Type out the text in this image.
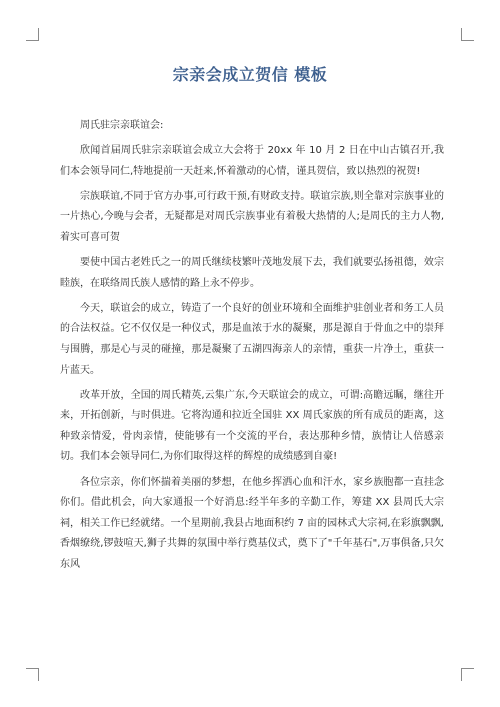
宗亲会成立贺信 模板

周氏驻宗亲联谊会:

欣闻首届周氏驻宗亲联谊会成立大会将于 20xx 年 10 月 2 日在中山古镇召开,我们本会领导同仁,特地提前一天赶来,怀着激动的心情，谨具贺信，致以热烈的祝贺!

宗族联谊,不同于官方办事,可行政干预,有财政支持。联谊宗族,则全靠对宗族事业的一片热心,今晚与会者，无疑都是对周氏宗族事业有着极大热情的人;是周氏的主力人物,着实可喜可贺

要使中国古老姓氏之一的周氏继续枝繁叶茂地发展下去，我们就要弘扬祖德，效宗睦族，在联络周氏族人感情的路上永不停步。

今天，联谊会的成立，铸造了一个良好的创业环境和全面维护驻创业者和务工人员的合法权益。它不仅仅是一种仪式，那是血浓于水的凝聚，那是源自于骨血之中的崇拜与围腾，那是心与灵的碰撞，那是凝聚了五湖四海亲人的亲情，重获一片净土，重获一片蓝天。

改革开放，全国的周氏精英,云集广东,今天联谊会的成立，可谓:高瞻远瞩，继往开来，开拓创新，与时俱进。它将沟通和拉近全国驻 XX 周氏家族的所有成员的距离，这种致亲情爱，骨肉亲情，使能够有一个交流的平台，表达那种乡情，族情让人倍感亲切。我们本会领导同仁,为你们取得这样的辉煌的成绩感到自豪!

各位宗亲，你们怀揣着美丽的梦想，在他乡挥洒心血和汗水，家乡族胞都一直挂念你们。借此机会，向大家通报一个好消息:经半年多的辛勤工作，筹建 XX 县周氏大宗祠，相关工作已经就绪。一个星期前,我县占地面积约 7 亩的园林式大宗祠,在彩旗飘飘,香烟缭绕,锣鼓喧天,狮子共舞的氛围中举行奠基仪式，奠下了"千年基石",万事俱备,只欠东风
